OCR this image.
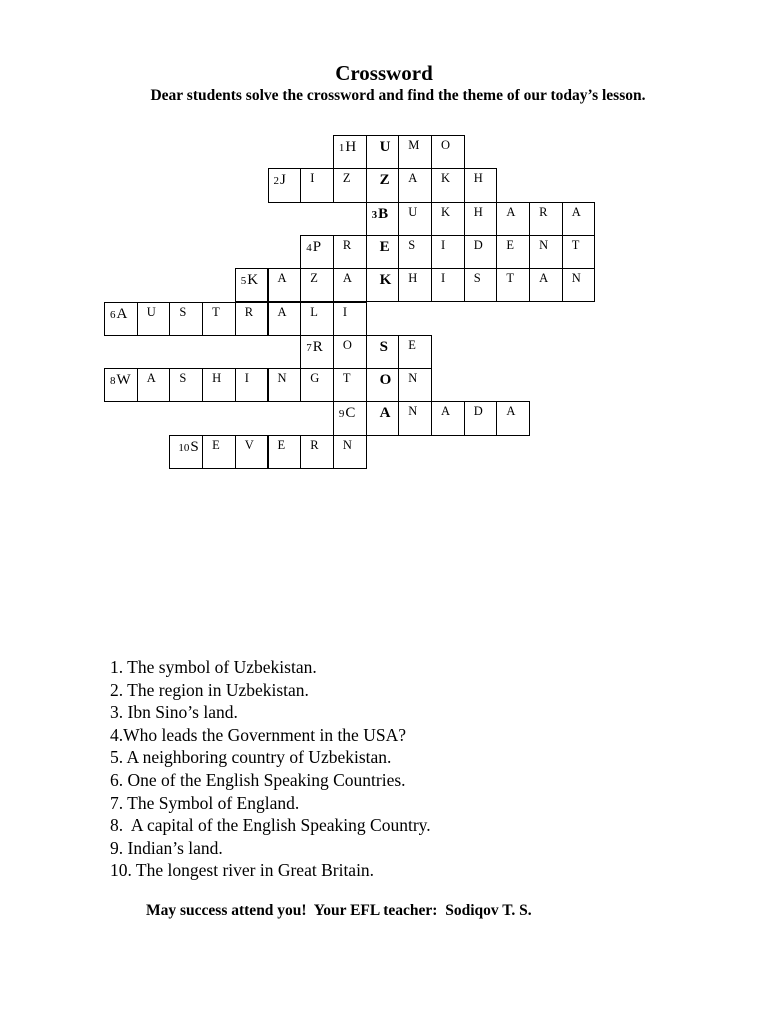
Crossword
Dear students solve the crossword and find the theme of our today’s lesson.
1H U M O
2J I Z Z A K H
3B U K H A R A
4P R E S I D E N T
5K A Z A K H I S T A N
6A U S T R A L I
7R O S E
8W A S H I N G T O N
9C A N A D A
10S E V E R N
1. The symbol of Uzbekistan.
2. The region in Uzbekistan.
3. Ibn Sino’s land.
4.Who leads the Government in the USA?
5. A neighboring country of Uzbekistan.
6. One of the English Speaking Countries.
7. The Symbol of England.
8.  A capital of the English Speaking Country.
9. Indian’s land.
10. The longest river in Great Britain.
May success attend you!  Your EFL teacher:  Sodiqov T. S.
